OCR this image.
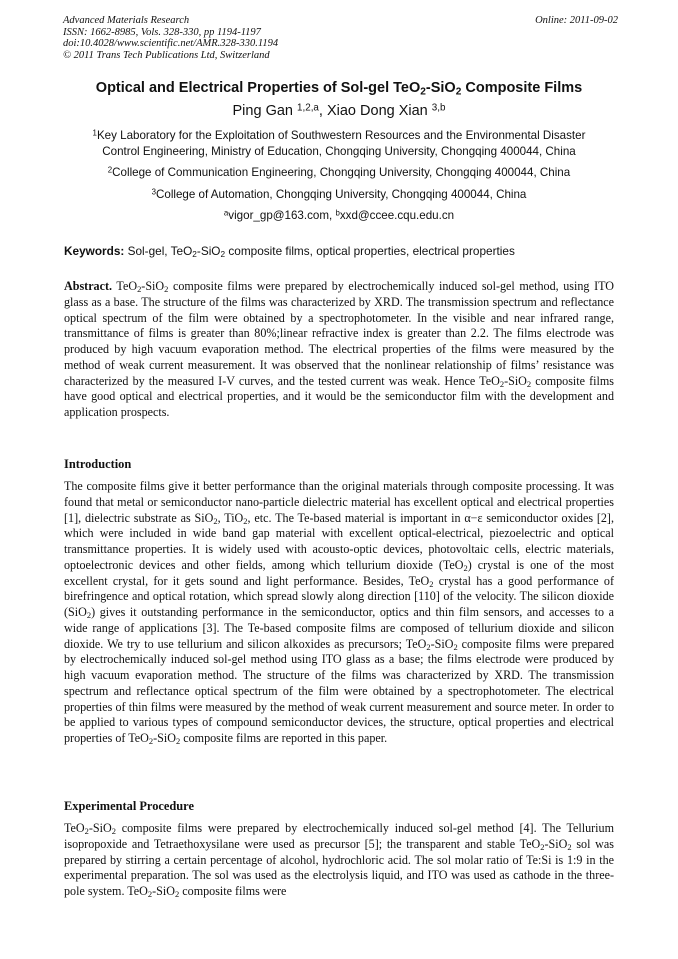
Advanced Materials Research
ISSN: 1662-8985, Vols. 328-330, pp 1194-1197
doi:10.4028/www.scientific.net/AMR.328-330.1194
© 2011 Trans Tech Publications Ltd, Switzerland
Online: 2011-09-02
Optical and Electrical Properties of Sol-gel TeO$_2$-SiO$_2$ Composite Films
Ping Gan $^{1,2,a}$, Xiao Dong Xian $^{3,b}$
$^1$Key Laboratory for the Exploitation of Southwestern Resources and the Environmental Disaster
Control Engineering, Ministry of Education, Chongqing University, Chongqing 400044, China
$^2$College of Communication Engineering, Chongqing University, Chongqing 400044, China
$^3$College of Automation, Chongqing University, Chongqing 400044, China
$^a$vigor_gp@163.com, $^b$xxd@ccee.cqu.edu.cn
Keywords: Sol-gel, TeO$_2$-SiO$_2$ composite films, optical properties, electrical properties
Abstract. TeO$_2$-SiO$_2$ composite films were prepared by electrochemically induced sol-gel method, using ITO glass as a base. The structure of the films was characterized by XRD. The transmission spectrum and reflectance optical spectrum of the film were obtained by a spectrophotometer. In the visible and near infrared range, transmittance of films is greater than 80%;linear refractive index is greater than 2.2. The films electrode was produced by high vacuum evaporation method. The electrical properties of the films were measured by the method of weak current measurement. It was observed that the nonlinear relationship of films’ resistance was characterized by the measured I-V curves, and the tested current was weak. Hence TeO$_2$-SiO$_2$ composite films have good optical and electrical properties, and it would be the semiconductor film with the development and application prospects.
Introduction
The composite films give it better performance than the original materials through composite processing. It was found that metal or semiconductor nano-particle dielectric material has excellent optical and electrical properties [1], dielectric substrate as SiO$_2$, TiO$_2$, etc. The Te-based material is important in α−ε semiconductor oxides [2], which were included in wide band gap material with excellent optical-electrical, piezoelectric and optical transmittance properties. It is widely used with acousto-optic devices, photovoltaic cells, electric materials, optoelectronic devices and other fields, among which tellurium dioxide (TeO$_2$) crystal is one of the most excellent crystal, for it gets sound and light performance. Besides, TeO$_2$ crystal has a good performance of birefringence and optical rotation, which spread slowly along direction [110] of the velocity. The silicon dioxide (SiO$_2$) gives it outstanding performance in the semiconductor, optics and thin film sensors, and accesses to a wide range of applications [3]. The Te-based composite films are composed of tellurium dioxide and silicon dioxide. We try to use tellurium and silicon alkoxides as precursors; TeO$_2$-SiO$_2$ composite films were prepared by electrochemically induced sol-gel method using ITO glass as a base; the films electrode were produced by high vacuum evaporation method. The structure of the films was characterized by XRD. The transmission spectrum and reflectance optical spectrum of the film were obtained by a spectrophotometer. The electrical properties of thin films were measured by the method of weak current measurement and source meter. In order to be applied to various types of compound semiconductor devices, the structure, optical properties and electrical properties of TeO$_2$-SiO$_2$ composite films are reported in this paper.
Experimental Procedure
TeO$_2$-SiO$_2$ composite films were prepared by electrochemically induced sol-gel method [4]. The Tellurium isopropoxide and Tetraethoxysilane were used as precursor [5]; the transparent and stable TeO$_2$-SiO$_2$ sol was prepared by stirring a certain percentage of alcohol, hydrochloric acid. The sol molar ratio of Te:Si is 1:9 in the experimental preparation. The sol was used as the electrolysis liquid, and ITO was used as cathode in the three-pole system. TeO$_2$-SiO$_2$ composite films were
